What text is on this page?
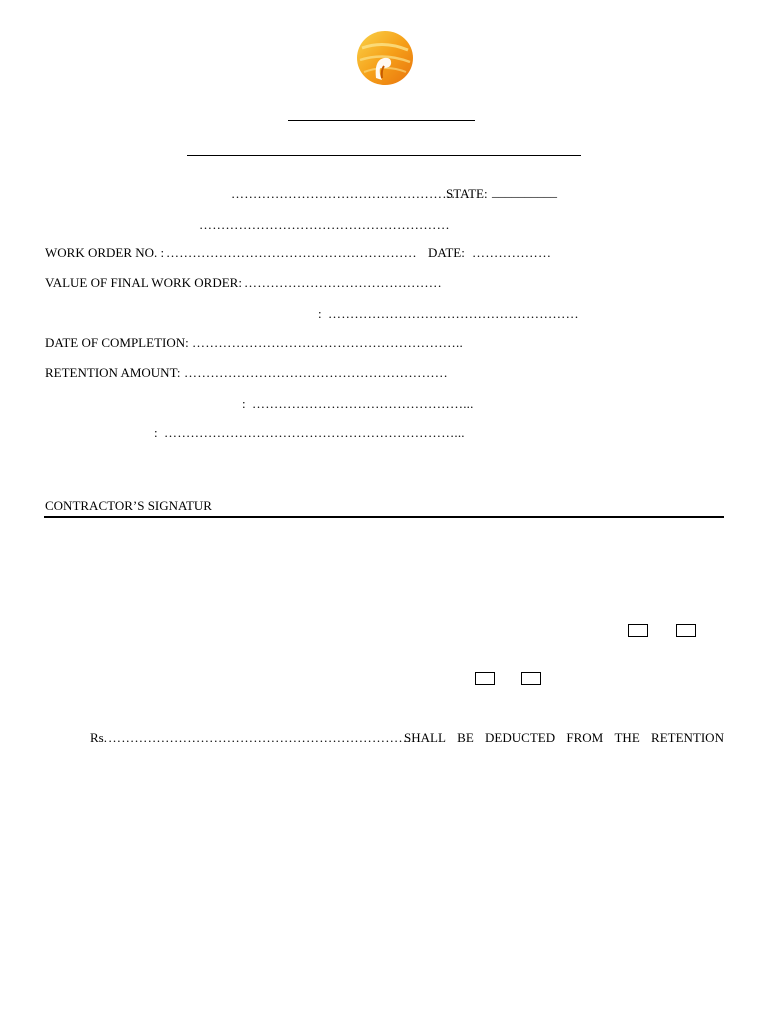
……………………………………………
STATE: __________
…………………………………………………
WORK ORDER NO. : ………………………………………………… DATE: ………………
VALUE OF FINAL WORK ORDER: ………………………………………
: …………………………………………………
DATE OF COMPLETION: ……………………………………………………..
RETENTION AMOUNT: ……………………………………………………
: …………………………………………...
: …………………………………………………………...
CONTRACTOR’S SIGNATUR
Rs. ……………………………………………………………
SHALL BE DEDUCTED FROM THE RETENTION
